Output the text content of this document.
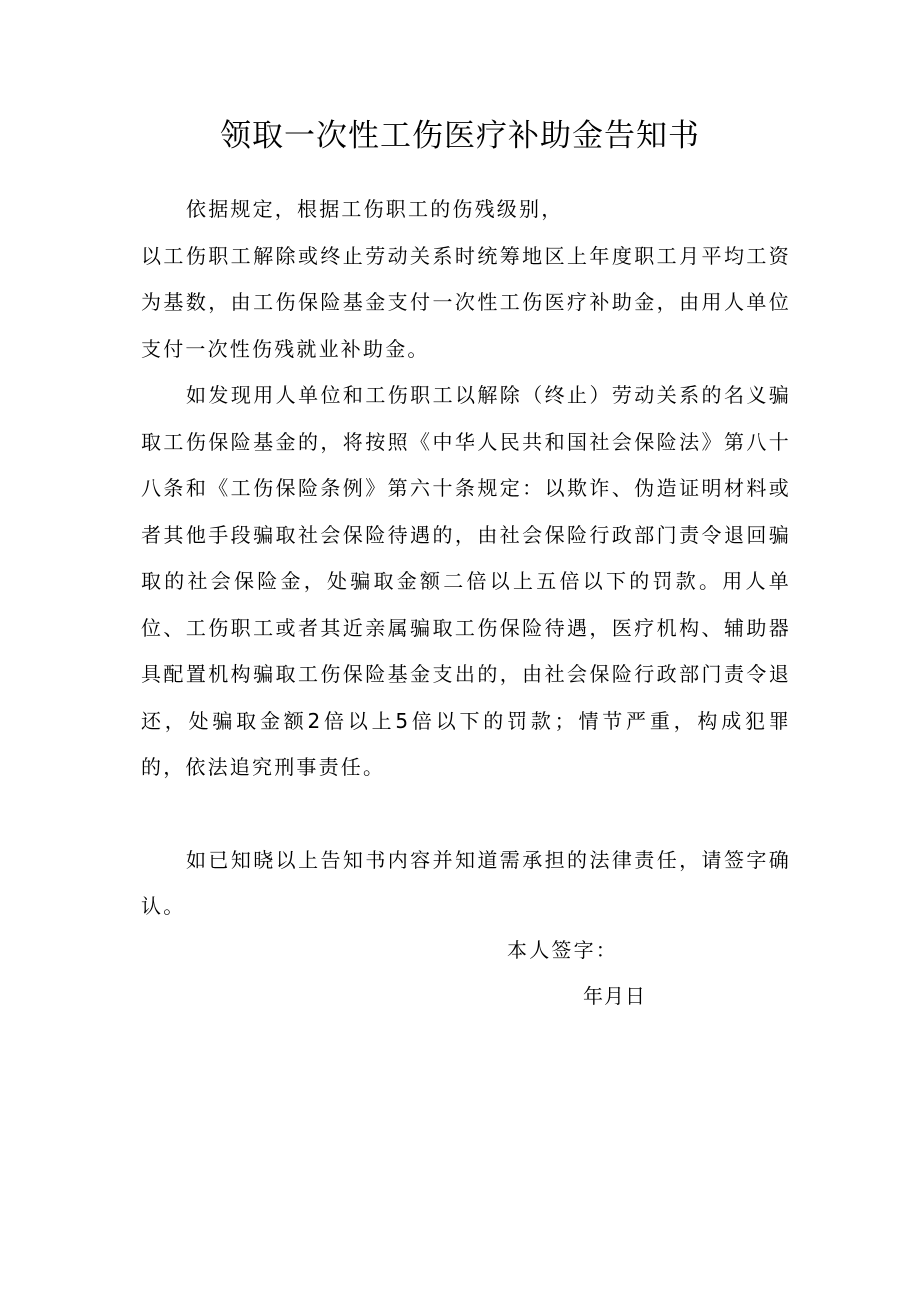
领取一次性工伤医疗补助金告知书

依据规定，根据工伤职工的伤残级别，

以工伤职工解除或终止劳动关系时统筹地区上年度职工月平均工资为基数，由工伤保险基金支付一次性工伤医疗补助金，由用人单位支付一次性伤残就业补助金。

如发现用人单位和工伤职工以解除（终止）劳动关系的名义骗取工伤保险基金的，将按照《中华人民共和国社会保险法》第八十八条和《工伤保险条例》第六十条规定：以欺诈、伪造证明材料或者其他手段骗取社会保险待遇的，由社会保险行政部门责令退回骗取的社会保险金，处骗取金额二倍以上五倍以下的罚款。用人单位、工伤职工或者其近亲属骗取工伤保险待遇，医疗机构、辅助器具配置机构骗取工伤保险基金支出的，由社会保险行政部门责令退还，处骗取金额2倍以上5倍以下的罚款；情节严重，构成犯罪的，依法追究刑事责任。

如已知晓以上告知书内容并知道需承担的法律责任，请签字确认。

本人签字：
年月日
